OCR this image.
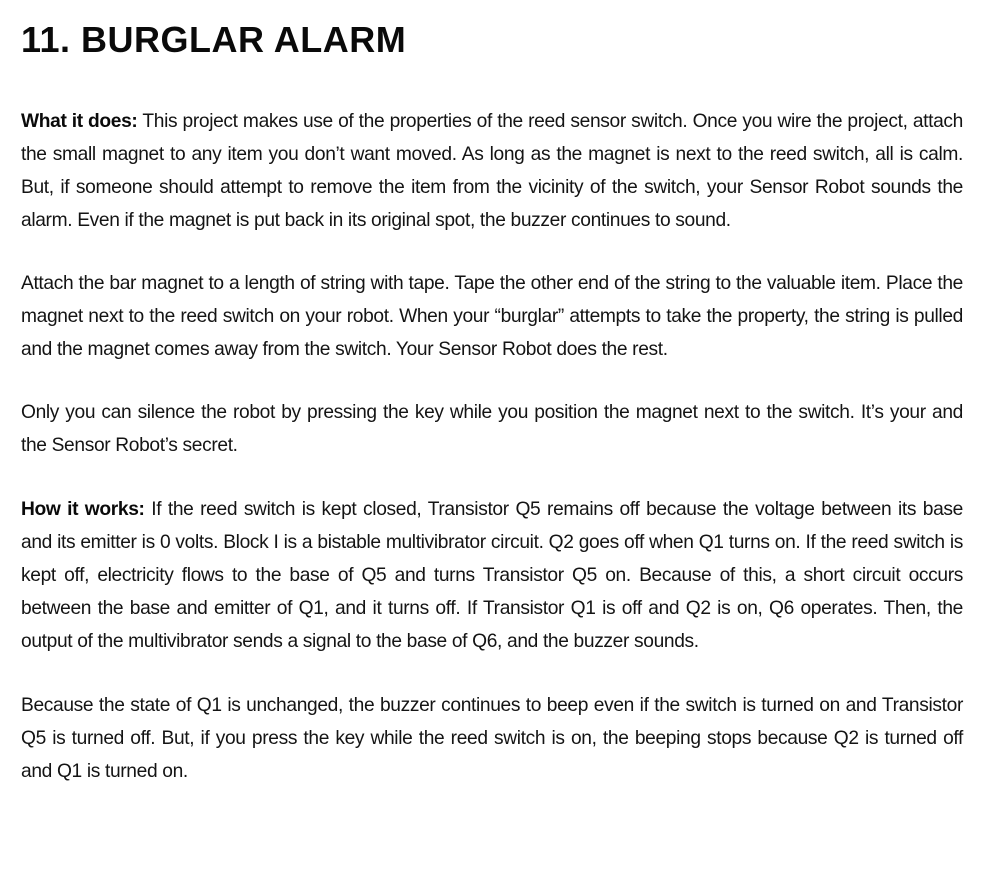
11. BURGLAR ALARM

What it does: This project makes use of the properties of the reed sensor switch. Once you wire the project, attach the small magnet to any item you don’t want moved. As long as the magnet is next to the reed switch, all is calm. But, if someone should attempt to remove the item from the vicinity of the switch, your Sensor Robot sounds the alarm. Even if the magnet is put back in its original spot, the buzzer continues to sound.

Attach the bar magnet to a length of string with tape. Tape the other end of the string to the valuable item. Place the magnet next to the reed switch on your robot. When your “burglar” attempts to take the property, the string is pulled and the magnet comes away from the switch. Your Sensor Robot does the rest.

Only you can silence the robot by pressing the key while you position the magnet next to the switch. It’s your and the Sensor Robot’s secret.

How it works: If the reed switch is kept closed, Transistor Q5 remains off because the voltage between its base and its emitter is 0 volts. Block I is a bistable multivibrator circuit. Q2 goes off when Q1 turns on. If the reed switch is kept off, electricity flows to the base of Q5 and turns Transistor Q5 on. Because of this, a short circuit occurs between the base and emitter of Q1, and it turns off. If Transistor Q1 is off and Q2 is on, Q6 operates. Then, the output of the multivibrator sends a signal to the base of Q6, and the buzzer sounds.

Because the state of Q1 is unchanged, the buzzer continues to beep even if the switch is turned on and Transistor Q5 is turned off. But, if you press the key while the reed switch is on, the beeping stops because Q2 is turned off and Q1 is turned on.
